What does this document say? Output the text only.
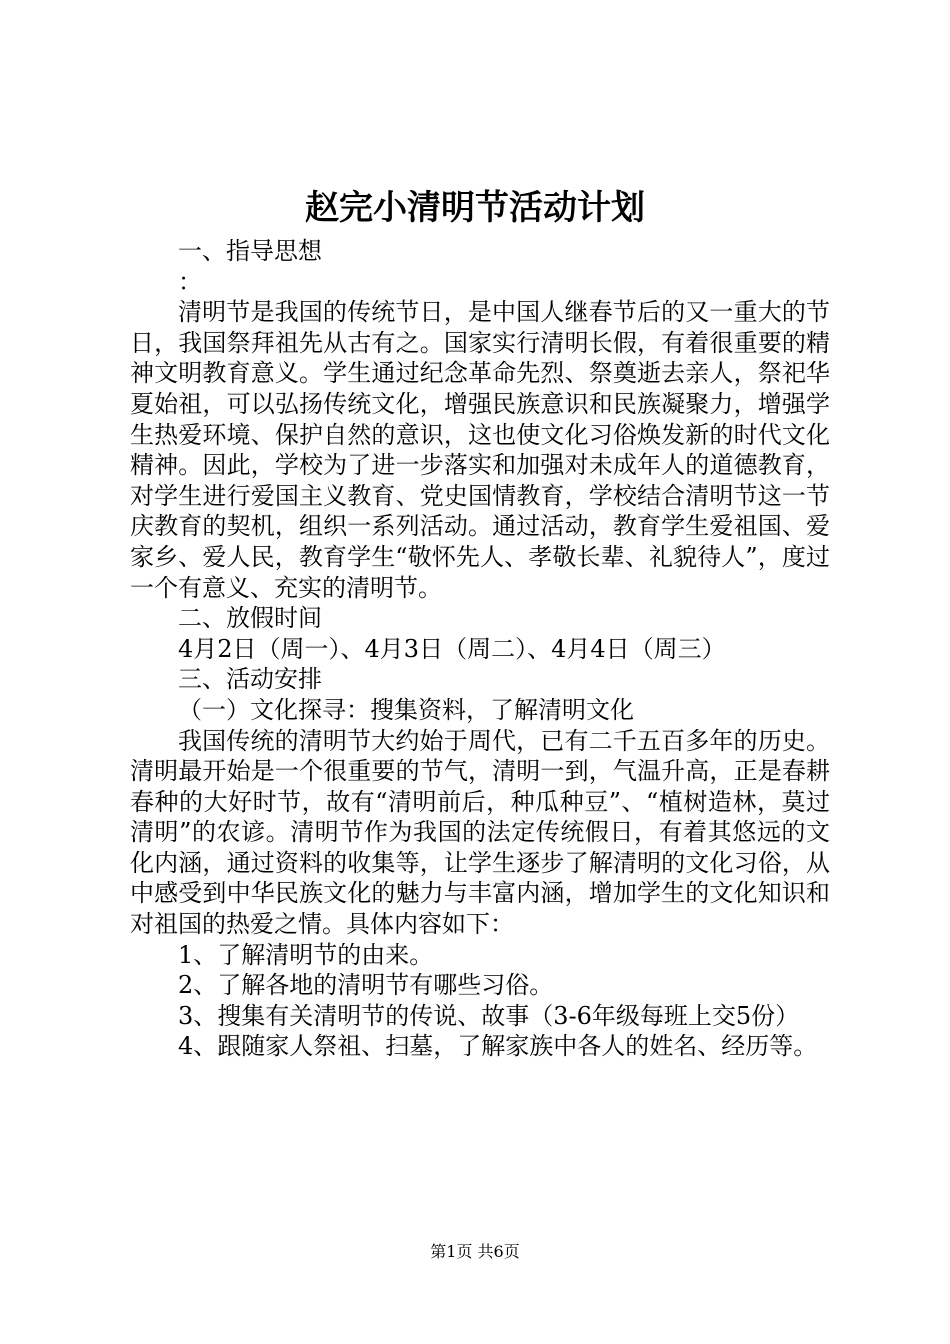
赵完小清明节活动计划

一、指导思想

：

清明节是我国的传统节日，是中国人继春节后的又一重大的节日，我国祭拜祖先从古有之。国家实行清明长假，有着很重要的精神文明教育意义。学生通过纪念革命先烈、祭奠逝去亲人，祭祀华夏始祖，可以弘扬传统文化，增强民族意识和民族凝聚力，增强学生热爱环境、保护自然的意识，这也使文化习俗焕发新的时代文化精神。因此，学校为了进一步落实和加强对未成年人的道德教育，对学生进行爱国主义教育、党史国情教育，学校结合清明节这一节庆教育的契机，组织一系列活动。通过活动，教育学生爱祖国、爱家乡、爱人民，教育学生“敬怀先人、孝敬长辈、礼貌待人”，度过一个有意义、充实的清明节。

二、放假时间

4月2日（周一）、4月3日（周二）、4月4日（周三）

三、活动安排

（一）文化探寻：搜集资料，了解清明文化

我国传统的清明节大约始于周代，已有二千五百多年的历史。清明最开始是一个很重要的节气，清明一到，气温升高，正是春耕春种的大好时节，故有“清明前后，种瓜种豆”、“植树造林，莫过清明”的农谚。清明节作为我国的法定传统假日，有着其悠远的文化内涵，通过资料的收集等，让学生逐步了解清明的文化习俗，从中感受到中华民族文化的魅力与丰富内涵，增加学生的文化知识和对祖国的热爱之情。具体内容如下：

1、了解清明节的由来。

2、了解各地的清明节有哪些习俗。

3、搜集有关清明节的传说、故事（3-6年级每班上交5份）

4、跟随家人祭祖、扫墓，了解家族中各人的姓名、经历等。

第1页 共6页
